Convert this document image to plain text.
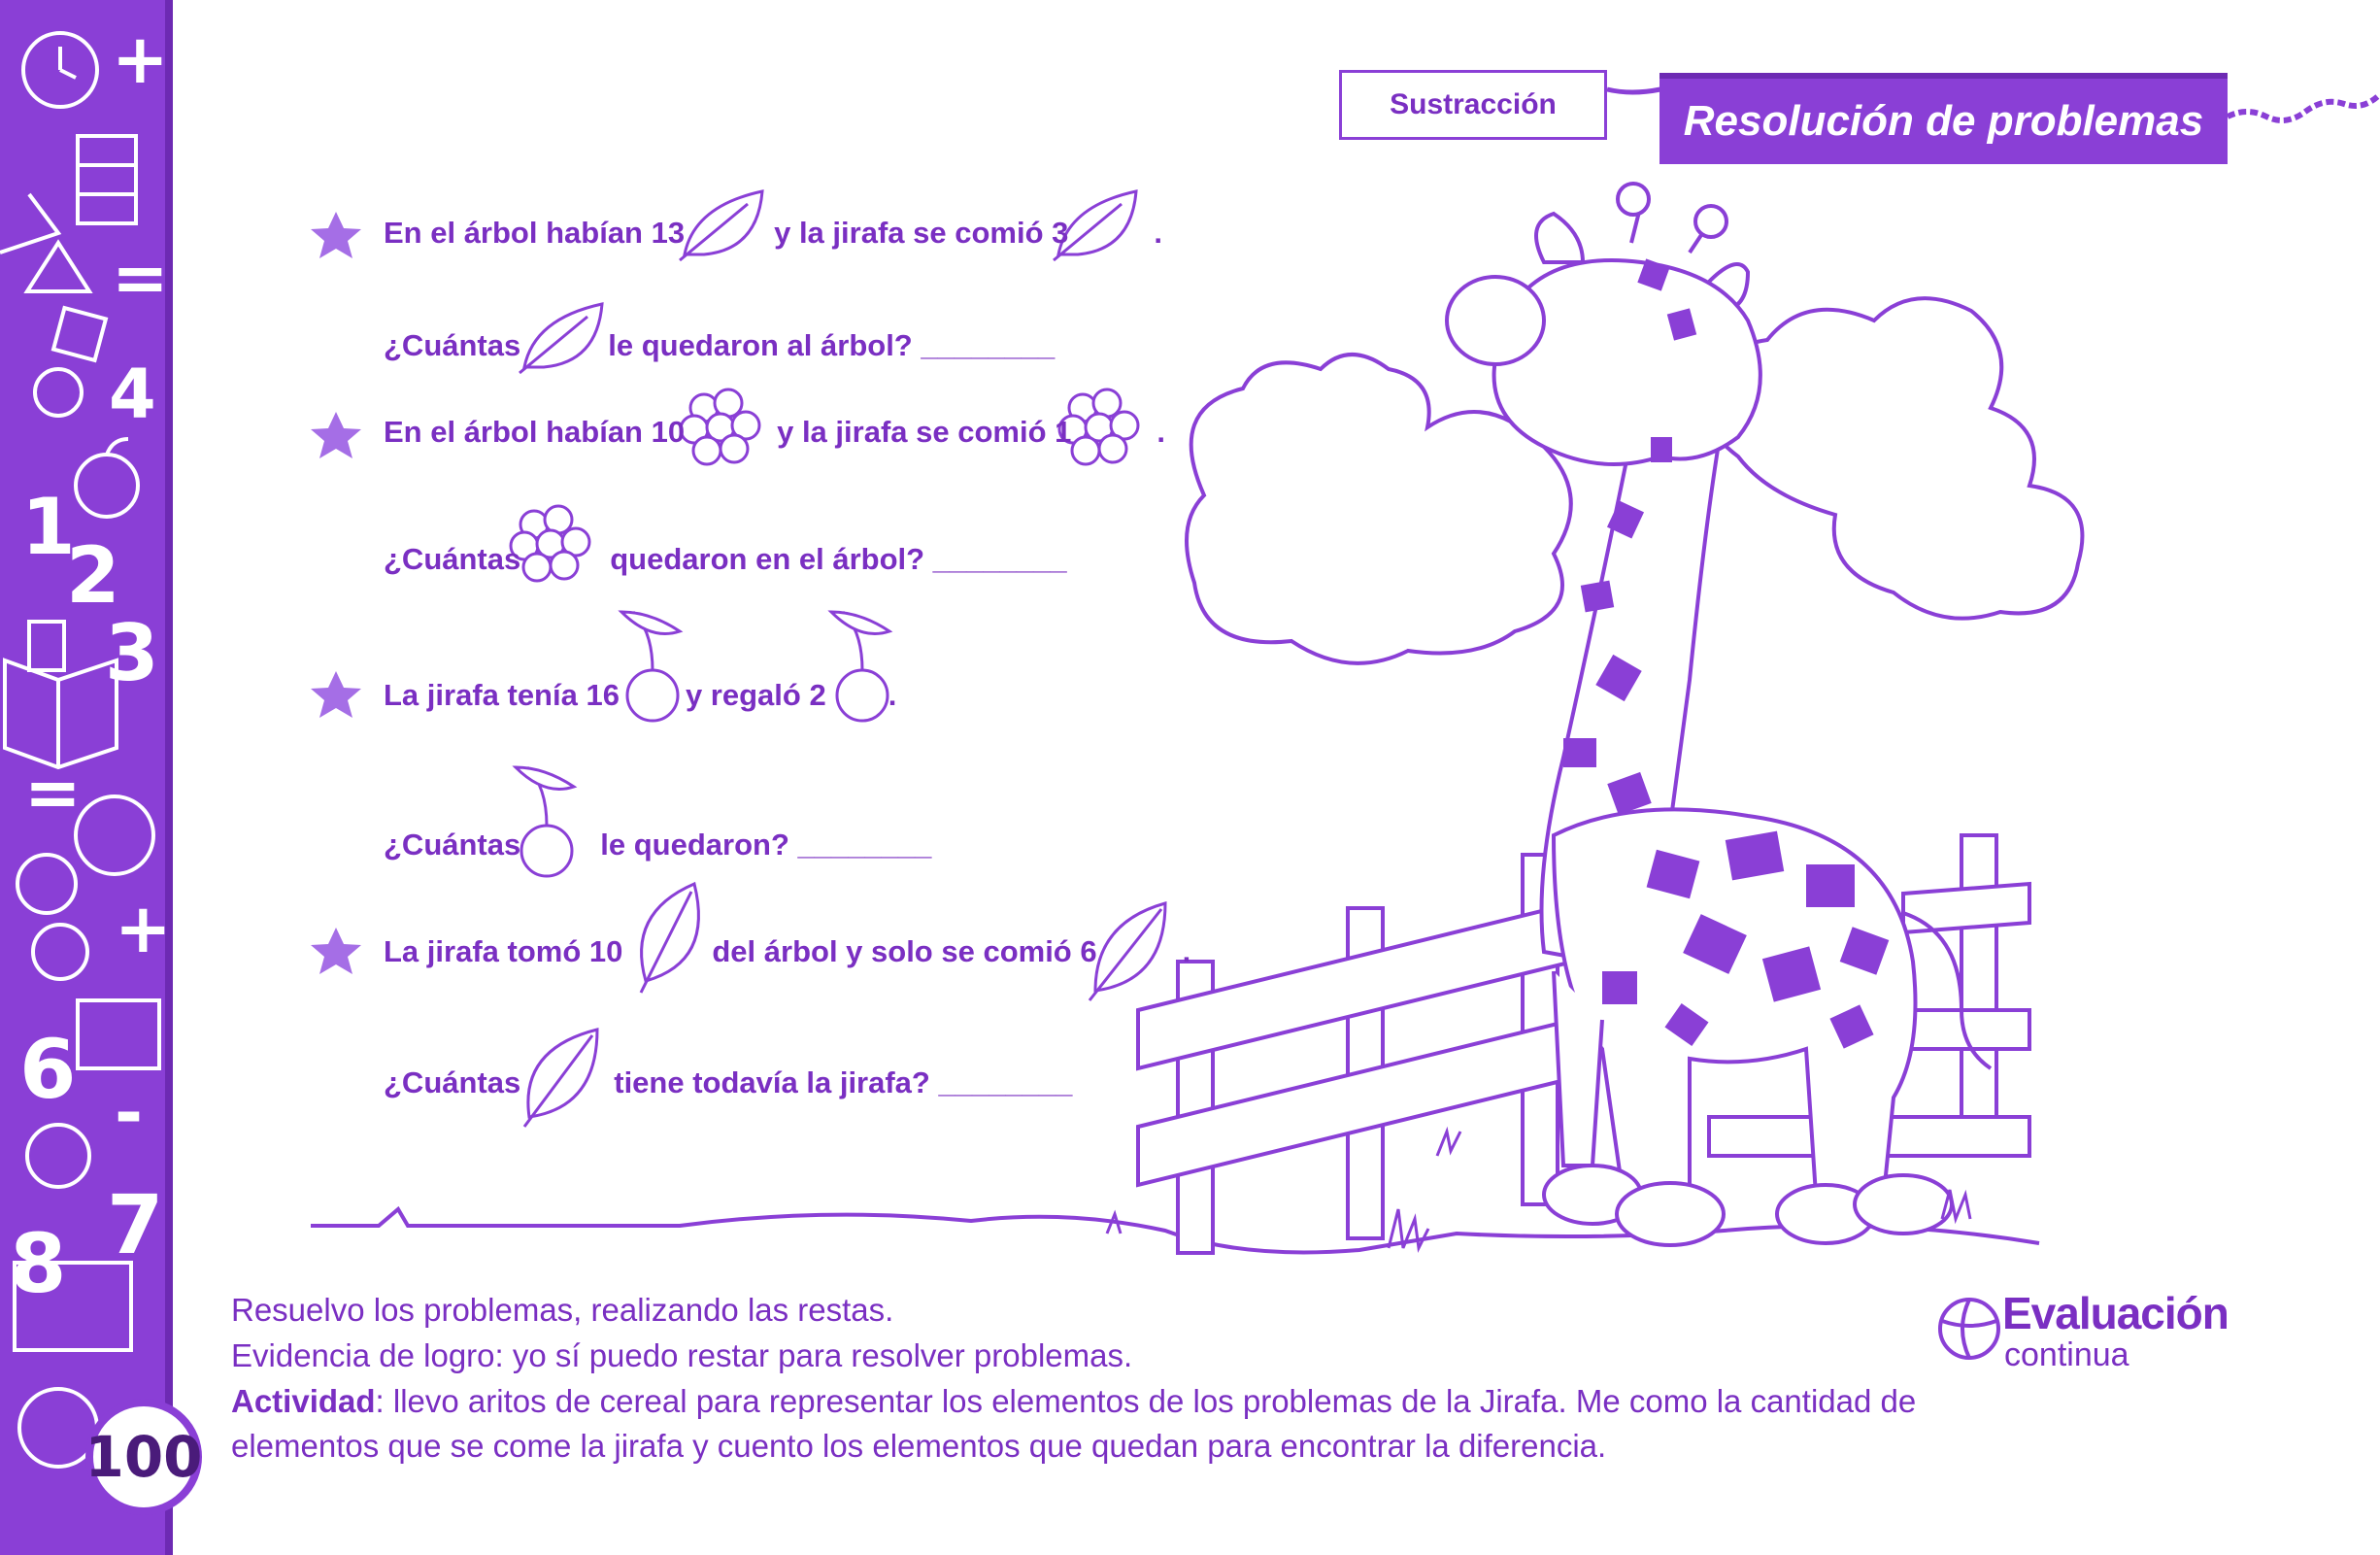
4
1
2
3
6
8 7
+
=
=
+
-
Sustracción	Resolución de problemas
En el árbol habían 13	y la jirafa se comió 3	.
¿Cuántas	le quedaron al árbol? ________
En el árbol habían 10	y la jirafa se comió 1	.
¿Cuántas	quedaron en el árbol? ________
La jirafa tenía 16 y regaló 2 .
¿Cuántas	le quedaron? ________
La jirafa tomó 10	del árbol y solo se comió 6	.
¿Cuántas	tiene todavía la jirafa? ________
Resuelvo los problemas, realizando las restas.
Evidencia de logro: yo sí puedo restar para resolver problemas.
Actividad: llevo aritos de cereal para representar los elementos de los problemas de la Jirafa. Me como la cantidad de
elementos que se come la jirafa y cuento los elementos que quedan para encontrar la diferencia.
Evaluación
continua
100
